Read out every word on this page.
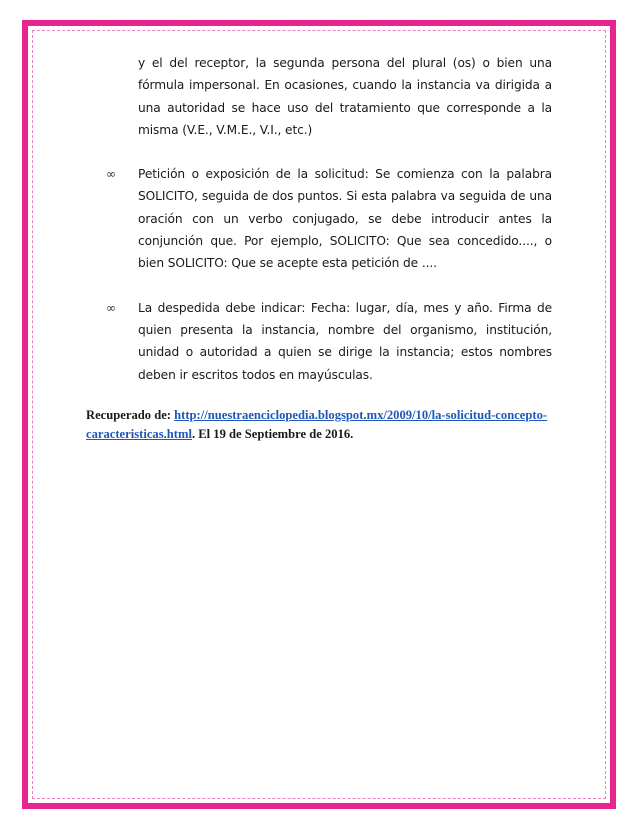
y el del receptor, la segunda persona del plural (os) o bien una fórmula impersonal. En ocasiones, cuando la instancia va dirigida a una autoridad se hace uso del tratamiento que corresponde a la misma (V.E., V.M.E., V.I., etc.)

∞ Petición o exposición de la solicitud: Se comienza con la palabra SOLICITO, seguida de dos puntos. Si esta palabra va seguida de una oración con un verbo conjugado, se debe introducir antes la conjunción que. Por ejemplo, SOLICITO: Que sea concedido...., o bien SOLICITO: Que se acepte esta petición de ....

∞ La despedida debe indicar: Fecha: lugar, día, mes y año. Firma de quien presenta la instancia, nombre del organismo, institución, unidad o autoridad a quien se dirige la instancia; estos nombres deben ir escritos todos en mayúsculas.

Recuperado de: http://nuestraenciclopedia.blogspot.mx/2009/10/la-solicitud-concepto-caracteristicas.html. El 19 de Septiembre de 2016.
